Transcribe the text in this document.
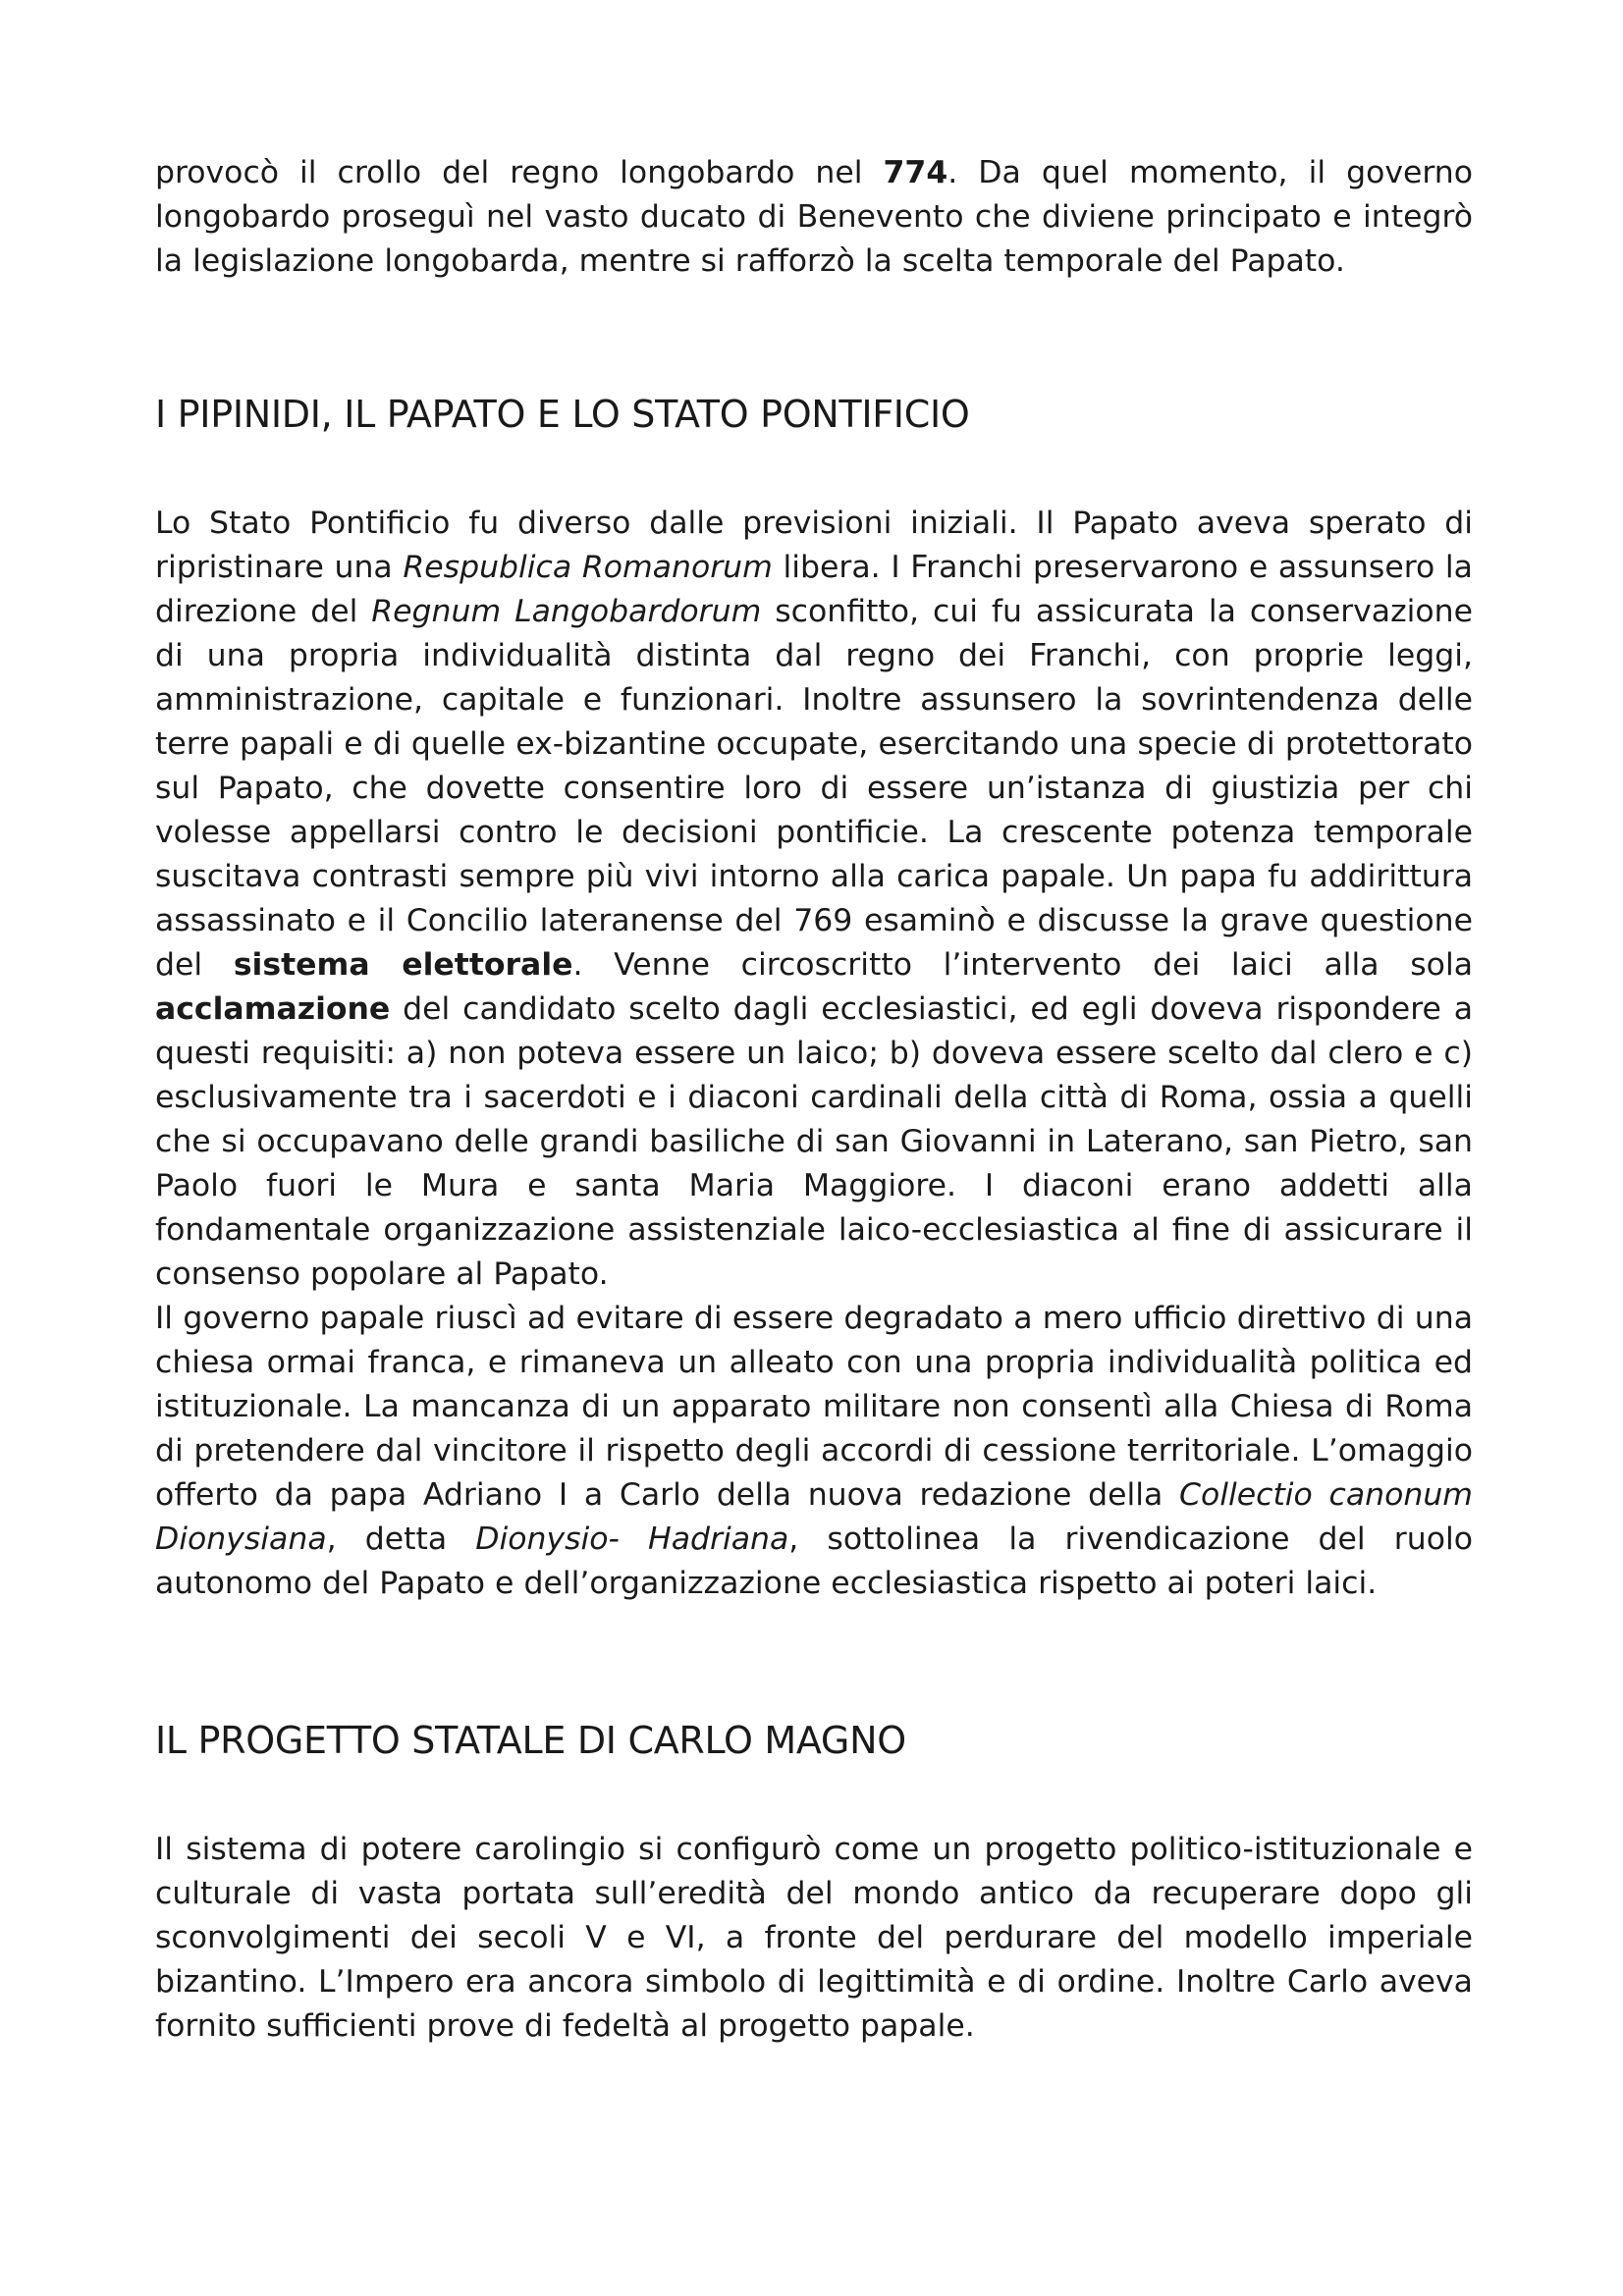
provocò il crollo del regno longobardo nel 774. Da quel momento, il governo longobardo proseguì nel vasto ducato di Benevento che diviene principato e integrò la legislazione longobarda, mentre si rafforzò la scelta temporale del Papato.

I PIPINIDI, IL PAPATO E LO STATO PONTIFICIO

Lo Stato Pontificio fu diverso dalle previsioni iniziali. Il Papato aveva sperato di ripristinare una Respublica Romanorum libera. I Franchi preservarono e assunsero la direzione del Regnum Langobardorum sconfitto, cui fu assicurata la conservazione di una propria individualità distinta dal regno dei Franchi, con proprie leggi, amministrazione, capitale e funzionari. Inoltre assunsero la sovrintendenza delle terre papali e di quelle ex-bizantine occupate, esercitando una specie di protettorato sul Papato, che dovette consentire loro di essere un’istanza di giustizia per chi volesse appellarsi contro le decisioni pontificie. La crescente potenza temporale suscitava contrasti sempre più vivi intorno alla carica papale. Un papa fu addirittura assassinato e il Concilio lateranense del 769 esaminò e discusse la grave questione del sistema elettorale. Venne circoscritto l’intervento dei laici alla sola acclamazione del candidato scelto dagli ecclesiastici, ed egli doveva rispondere a questi requisiti: a) non poteva essere un laico; b) doveva essere scelto dal clero e c) esclusivamente tra i sacerdoti e i diaconi cardinali della città di Roma, ossia a quelli che si occupavano delle grandi basiliche di san Giovanni in Laterano, san Pietro, san Paolo fuori le Mura e santa Maria Maggiore. I diaconi erano addetti alla fondamentale organizzazione assistenziale laico-ecclesiastica al fine di assicurare il consenso popolare al Papato.

Il governo papale riuscì ad evitare di essere degradato a mero ufficio direttivo di una chiesa ormai franca, e rimaneva un alleato con una propria individualità politica ed istituzionale. La mancanza di un apparato militare non consentì alla Chiesa di Roma di pretendere dal vincitore il rispetto degli accordi di cessione territoriale. L’omaggio offerto da papa Adriano I a Carlo della nuova redazione della Collectio canonum Dionysiana, detta Dionysio- Hadriana, sottolinea la rivendicazione del ruolo autonomo del Papato e dell’organizzazione ecclesiastica rispetto ai poteri laici.

IL PROGETTO STATALE DI CARLO MAGNO

Il sistema di potere carolingio si configurò come un progetto politico-istituzionale e culturale di vasta portata sull’eredità del mondo antico da recuperare dopo gli sconvolgimenti dei secoli V e VI, a fronte del perdurare del modello imperiale bizantino. L’Impero era ancora simbolo di legittimità e di ordine. Inoltre Carlo aveva fornito sufficienti prove di fedeltà al progetto papale.
